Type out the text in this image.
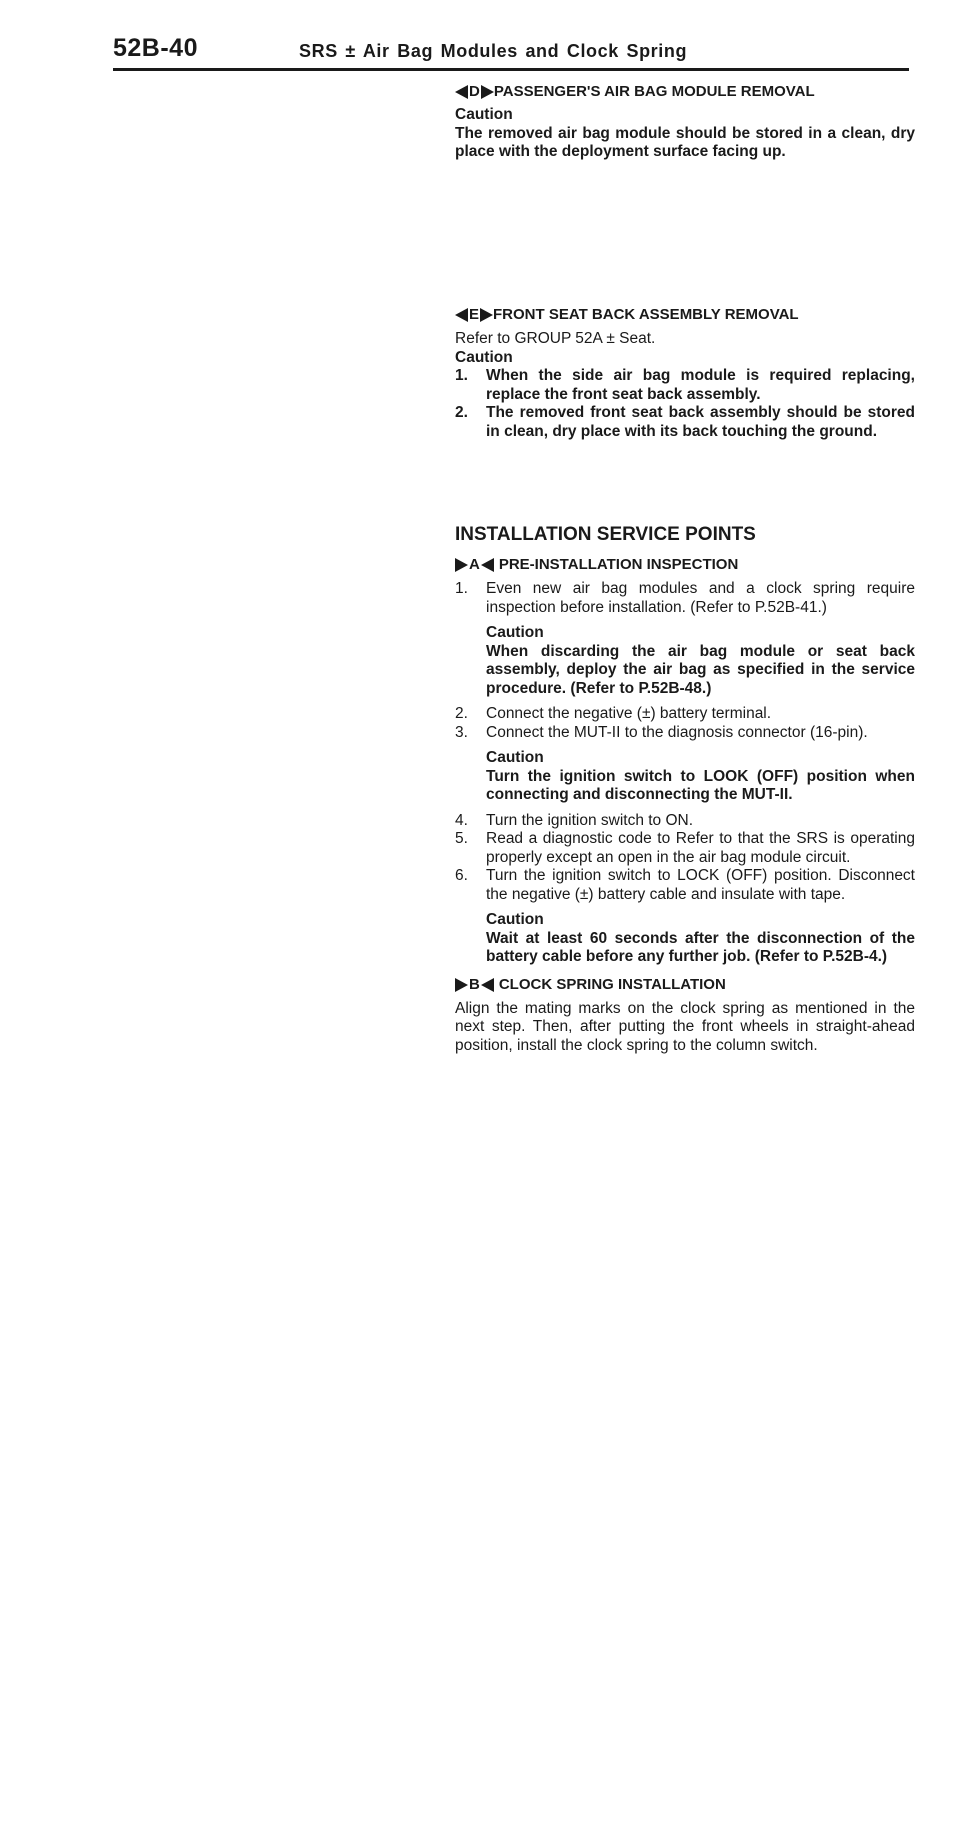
52B-40	SRS ± Air Bag Modules and Clock Spring
D PASSENGER'S AIR BAG MODULE REMOVAL
Caution
The removed air bag module should be stored in a clean, dry place with the deployment surface facing up.
E FRONT SEAT BACK ASSEMBLY REMOVAL
Refer to GROUP 52A ± Seat.
Caution
1. When the side air bag module is required replacing, replace the front seat back assembly.
2. The removed front seat back assembly should be stored in clean, dry place with its back touching the ground.
INSTALLATION SERVICE POINTS
A PRE-INSTALLATION INSPECTION
1. Even new air bag modules and a clock spring require inspection before installation. (Refer to P.52B-41.)
Caution
When discarding the air bag module or seat back assembly, deploy the air bag as specified in the service procedure. (Refer to P.52B-48.)
2. Connect the negative (±) battery terminal.
3. Connect the MUT-II to the diagnosis connector (16-pin).
Caution
Turn the ignition switch to LOOK (OFF) position when connecting and disconnecting the MUT-II.
4. Turn the ignition switch to ON.
5. Read a diagnostic code to Refer to that the SRS is operating properly except an open in the air bag module circuit.
6. Turn the ignition switch to LOCK (OFF) position. Disconnect the negative (±) battery cable and insulate with tape.
Caution
Wait at least 60 seconds after the disconnection of the battery cable before any further job. (Refer to P.52B-4.)
B CLOCK SPRING INSTALLATION
Align the mating marks on the clock spring as mentioned in the next step. Then, after putting the front wheels in straight-ahead position, install the clock spring to the column switch.
